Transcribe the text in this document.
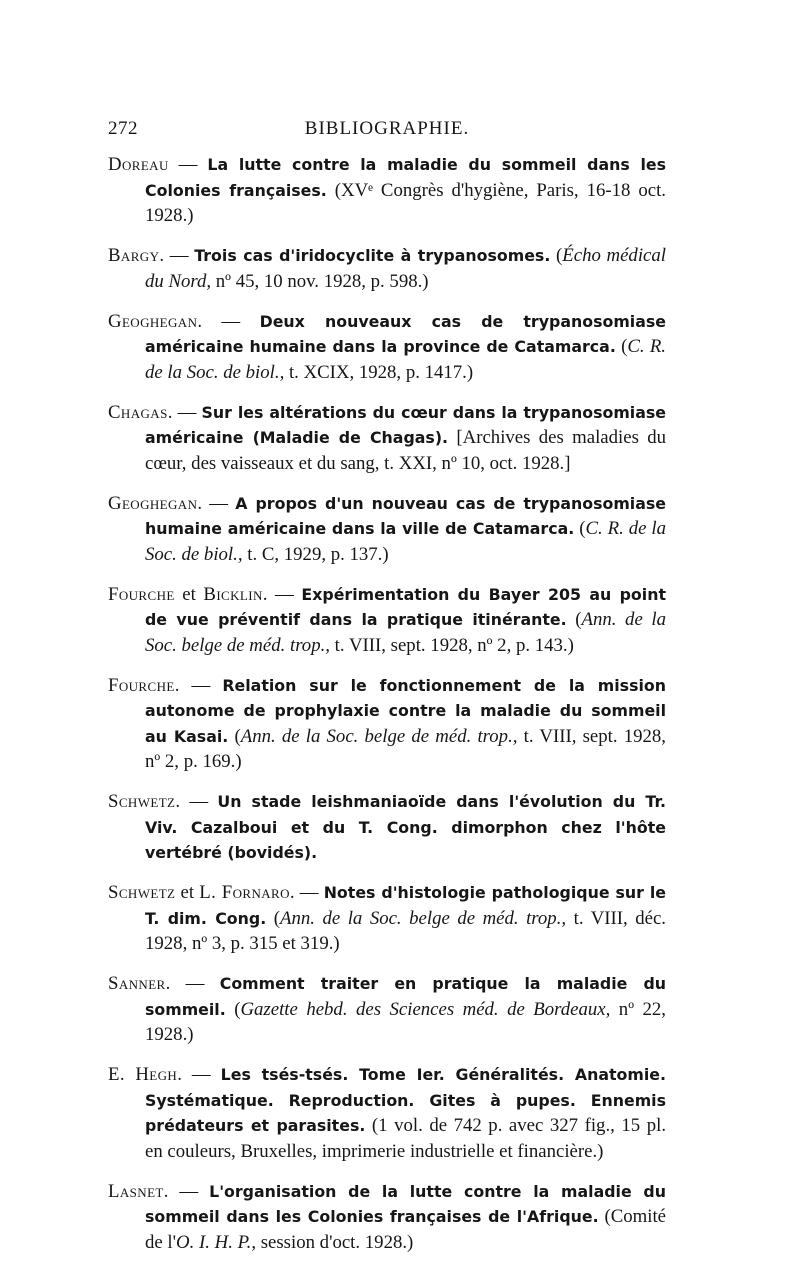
272	BIBLIOGRAPHIE.

Doreau — La lutte contre la maladie du sommeil dans les Colonies françaises. (XVᵉ Congrès d'hygiène, Paris, 16-18 oct. 1928.)

Bargy. — Trois cas d'iridocyclite à trypanosomes. (Écho médical du Nord, nº 45, 10 nov. 1928, p. 598.)

Geoghegan. — Deux nouveaux cas de trypanosomiase américaine humaine dans la province de Catamarca. (C. R. de la Soc. de biol., t. XCIX, 1928, p. 1417.)

Chagas. — Sur les altérations du cœur dans la trypanosomiase américaine (Maladie de Chagas). [Archives des maladies du cœur, des vaisseaux et du sang, t. XXI, nº 10, oct. 1928.]

Geoghegan. — A propos d'un nouveau cas de trypanosomiase humaine américaine dans la ville de Catamarca. (C. R. de la Soc. de biol., t. C, 1929, p. 137.)

Fourche et Bicklin. — Expérimentation du Bayer 205 au point de vue préventif dans la pratique itinérante. (Ann. de la Soc. belge de méd. trop., t. VIII, sept. 1928, nº 2, p. 143.)

Fourche. — Relation sur le fonctionnement de la mission autonome de prophylaxie contre la maladie du sommeil au Kasai. (Ann. de la Soc. belge de méd. trop., t. VIII, sept. 1928, nº 2, p. 169.)

Schwetz. — Un stade leishmaniaoïde dans l'évolution du Tr. Viv. Cazalboui et du T. Cong. dimorphon chez l'hôte vertébré (bovidés).

Schwetz et L. Fornaro. — Notes d'histologie pathologique sur le T. dim. Cong. (Ann. de la Soc. belge de méd. trop., t. VIII, déc. 1928, nº 3, p. 315 et 319.)

Sanner. — Comment traiter en pratique la maladie du sommeil. (Gazette hebd. des Sciences méd. de Bordeaux, nº 22, 1928.)

E. Hegh. — Les tsés-tsés. Tome Ier. Généralités. Anatomie. Systématique. Reproduction. Gites à pupes. Ennemis prédateurs et parasites. (1 vol. de 742 p. avec 327 fig., 15 pl. en couleurs, Bruxelles, imprimerie industrielle et financière.)

Lasnet. — L'organisation de la lutte contre la maladie du sommeil dans les Colonies françaises de l'Afrique. (Comité de l'O. I. H. P., session d'oct. 1928.)
